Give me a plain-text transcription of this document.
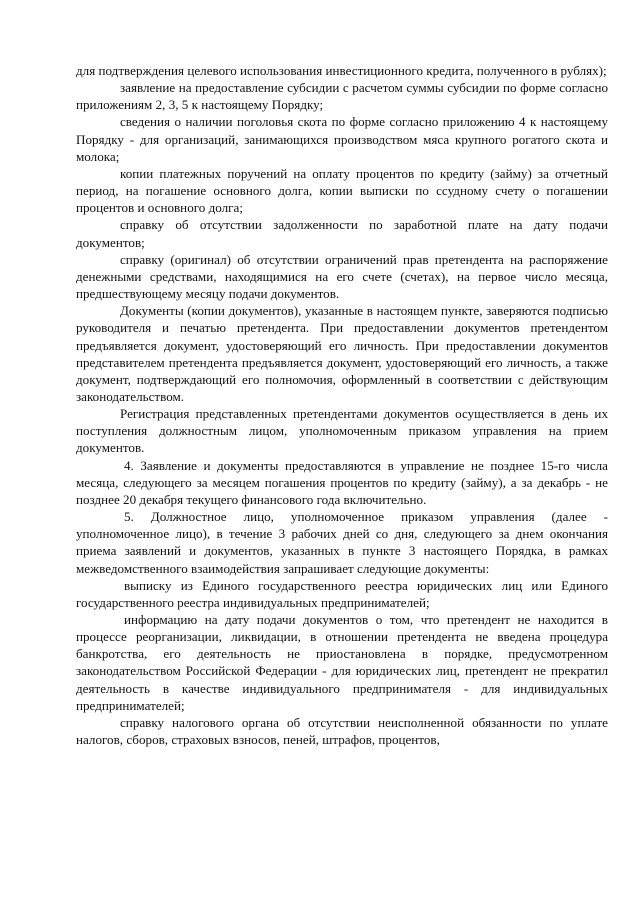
для подтверждения целевого использования инвестиционного кредита, полученного в рублях);

заявление на предоставление субсидии с расчетом суммы субсидии по форме согласно приложениям 2, 3, 5 к настоящему Порядку;

сведения о наличии поголовья скота по форме согласно приложению 4 к настоящему Порядку - для организаций, занимающихся производством мяса крупного рогатого скота и молока;

копии платежных поручений на оплату процентов по кредиту (займу) за отчетный период, на погашение основного долга, копии выписки по ссудному счету о погашении процентов и основного долга;

справку об отсутствии задолженности по заработной плате на дату подачи документов;

справку (оригинал) об отсутствии ограничений прав претендента на распоряжение денежными средствами, находящимися на его счете (счетах), на первое число месяца, предшествующему месяцу подачи документов.

Документы (копии документов), указанные в настоящем пункте, заверяются подписью руководителя и печатью претендента. При предоставлении документов претендентом предъявляется документ, удостоверяющий его личность. При предоставлении документов представителем претендента предъявляется документ, удостоверяющий его личность, а также документ, подтверждающий его полномочия, оформленный в соответствии с действующим законодательством.

Регистрация представленных претендентами документов осуществляется в день их поступления должностным лицом, уполномоченным приказом управления на прием документов.

4. Заявление и документы предоставляются в управление не позднее 15-го числа месяца, следующего за месяцем погашения процентов по кредиту (займу), а за декабрь - не позднее 20 декабря текущего финансового года включительно.

5. Должностное лицо, уполномоченное приказом управления (далее - уполномоченное лицо), в течение 3 рабочих дней со дня, следующего за днем окончания приема заявлений и документов, указанных в пункте 3 настоящего Порядка, в рамках межведомственного взаимодействия запрашивает следующие документы:

выписку из Единого государственного реестра юридических лиц или Единого государственного реестра индивидуальных предпринимателей;

информацию на дату подачи документов о том, что претендент не находится в процессе реорганизации, ликвидации, в отношении претендента не введена процедура банкротства, его деятельность не приостановлена в порядке, предусмотренном законодательством Российской Федерации - для юридических лиц, претендент не прекратил деятельность в качестве индивидуального предпринимателя - для индивидуальных предпринимателей;

справку налогового органа об отсутствии неисполненной обязанности по уплате налогов, сборов, страховых взносов, пеней, штрафов, процентов,
